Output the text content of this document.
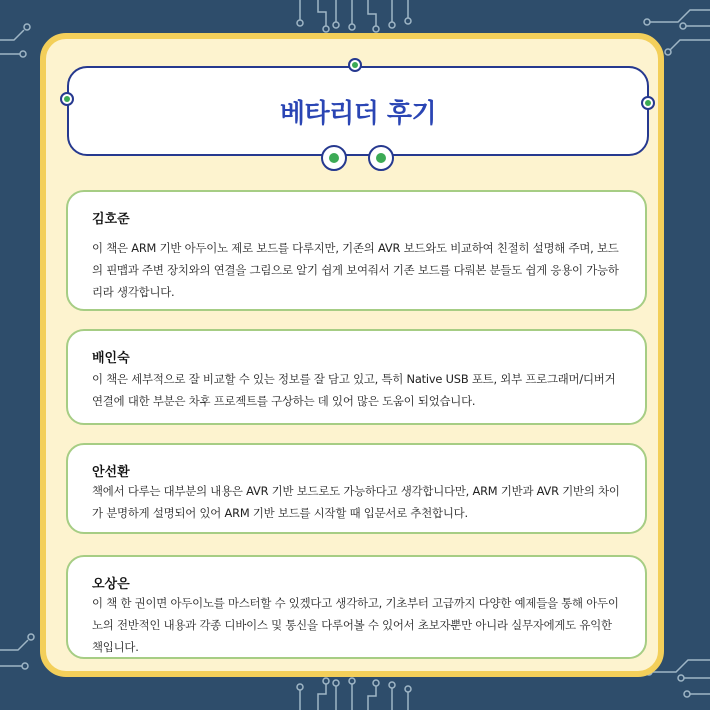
베타리더 후기
김호준
이 책은 ARM 기반 아두이노 제로 보드를 다루지만, 기존의 AVR 보드와도 비교하여 친절히 설명해 주며, 보드의 핀맵과 주변 장치와의 연결을 그림으로 알기 쉽게 보여줘서 기존 보드를 다뤄본 분들도 쉽게 응용이 가능하리라 생각합니다.
배인숙
이 책은 세부적으로 잘 비교할 수 있는 정보를 잘 담고 있고, 특히 Native USB 포트, 외부 프로그래머/디버거 연결에 대한 부분은 차후 프로젝트를 구상하는 데 있어 많은 도움이 되었습니다.
안선환
책에서 다루는 대부분의 내용은 AVR 기반 보드로도 가능하다고 생각합니다만, ARM 기반과 AVR 기반의 차이가 분명하게 설명되어 있어 ARM 기반 보드를 시작할 때 입문서로 추천합니다.
오상은
이 책 한 권이면 아두이노를 마스터할 수 있겠다고 생각하고, 기초부터 고급까지 다양한 예제들을 통해 아두이노의 전반적인 내용과 각종 디바이스 및 통신을 다루어볼 수 있어서 초보자뿐만 아니라 실무자에게도 유익한 책입니다.
